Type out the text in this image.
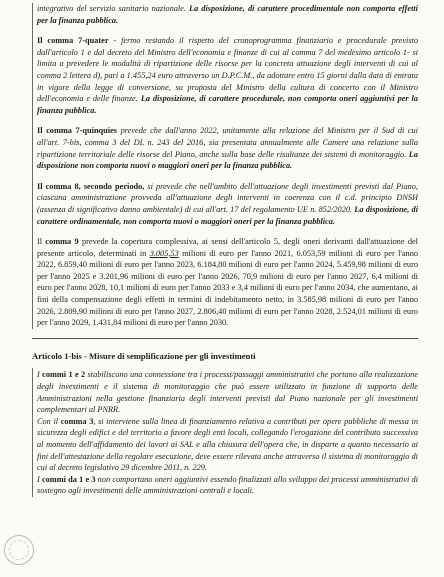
integrativo del servizio sanitario nazionale. La disposizione, di carattere procedimentale non comporta effetti per la finanza pubblica.

Il comma 7-quater - fermo restando il rispetto del cronoprogramma finanziario e procedurale previsto dall'articolo 1 e dal decreto del Ministro dell'economia e finanze di cui al comma 7 del medesimo articolo 1- si limita a prevedere le modalità di ripartizione delle risorse per la concreta attuazione degli interventi di cui al comma 2 lettera d), pari a 1.455,24 euro attraverso un D.P.C.M., da adottare entro 15 giorni dalla data di entrata in vigore della legge di conversione, su proposta del Ministro della cultura di concerto con il Ministro dell'economia e delle finanze. La disposizione, di carattere procedurale, non comporta oneri aggiuntivi per la finanza pubblica.

Il comma 7-quinquies prevede che dall'anno 2022, unitamente alla relazione del Ministro per il Sud di cui all'art. 7-bis, comma 3 del DL n. 243 del 2016, sia presentata annualmente alle Camere una relazione sulla ripartizione territoriale delle risorse del Piano, anche sulla base delle risultanze dei sistemi di monitoraggio. La disposizione non comporta nuovi o maggiori oneri per la finanza pubblica.

Il comma 8, secondo periodo, si prevede che nell'ambito dell'attuazione degli investimenti previsti dal Piano, ciascuna amministrazione provveda all'attuazione degli interventi in coerenza con il c.d. principio DNSH (assenza di significativo danno ambientale) di cui all'art. 17 del regolamento UE n. 852/2020. La disposizione, di carattere ordinamentale, non comporta nuovi o maggiori oneri per la finanza pubblica.

Il comma 9 prevede la copertura complessiva, ai sensi dell'articolo 5, degli oneri derivanti dall'attuazione del presente articolo, determinati in 3.005,53 milioni di euro per l'anno 2021, 6.053,59 milioni di euro per l'anno 2022, 6.859,40 milioni di euro per l'anno 2023, 6.184,80 milioni di euro per l'anno 2024, 5.459,98 milioni di euro per l'anno 2025 e 3.201,96 milioni di euro per l'anno 2026, 70,9 milioni di euro per l'anno 2027, 6,4 milioni di euro per l'anno 2028, 10,1 milioni di euro per l'anno 2033 e 3,4 milioni di euro per l'anno 2034, che aumentano, ai fini della compensazione degli effetti in termini di indebitamento netto, in 3.585,98 milioni di euro per l'anno 2026, 2.809,90 milioni di euro per l'anno 2027, 2.806,40 milioni di euro per l'anno 2028, 2.524,01 milioni di euro per l'anno 2029, 1.431,84 milioni di euro per l'anno 2030.

Articolo 1-bis - Misure di semplificazione per gli investimenti

I commi 1 e 2 stabiliscono una connessione tra i processi/passaggi amministrativi che portano alla realizzazione degli investimenti e il sistema di monitoraggio che può essere utilizzato in funzione di supporto delle Amministrazioni nella gestione finanziaria degli interventi previsti dal Piano nazionale per gli investimenti complementari al PNRR.

Con il comma 3, si interviene sulla linea di finanziamento relativa a contributi per opere pubbliche di messa in sicurezza degli edifici e del territorio a favore degli enti locali, collegando l'erogazione del contributo successiva al momento dell'affidamento dei lavori ai SAL e alla chiusura dell'opera che, in disparte a quanto necessario ai fini dell'attestazione della regolare esecuzione, deve essere rilevata anche attraverso il sistema di monitoraggio di cui al decreto legislativo 29 dicembre 2011, n. 229.

I commi da 1 e 3 non comportano oneri aggiuntivi essendo finalizzati allo sviluppo dei processi amministrativi di sostegno agli investimenti delle amministrazioni centrali e locali.
